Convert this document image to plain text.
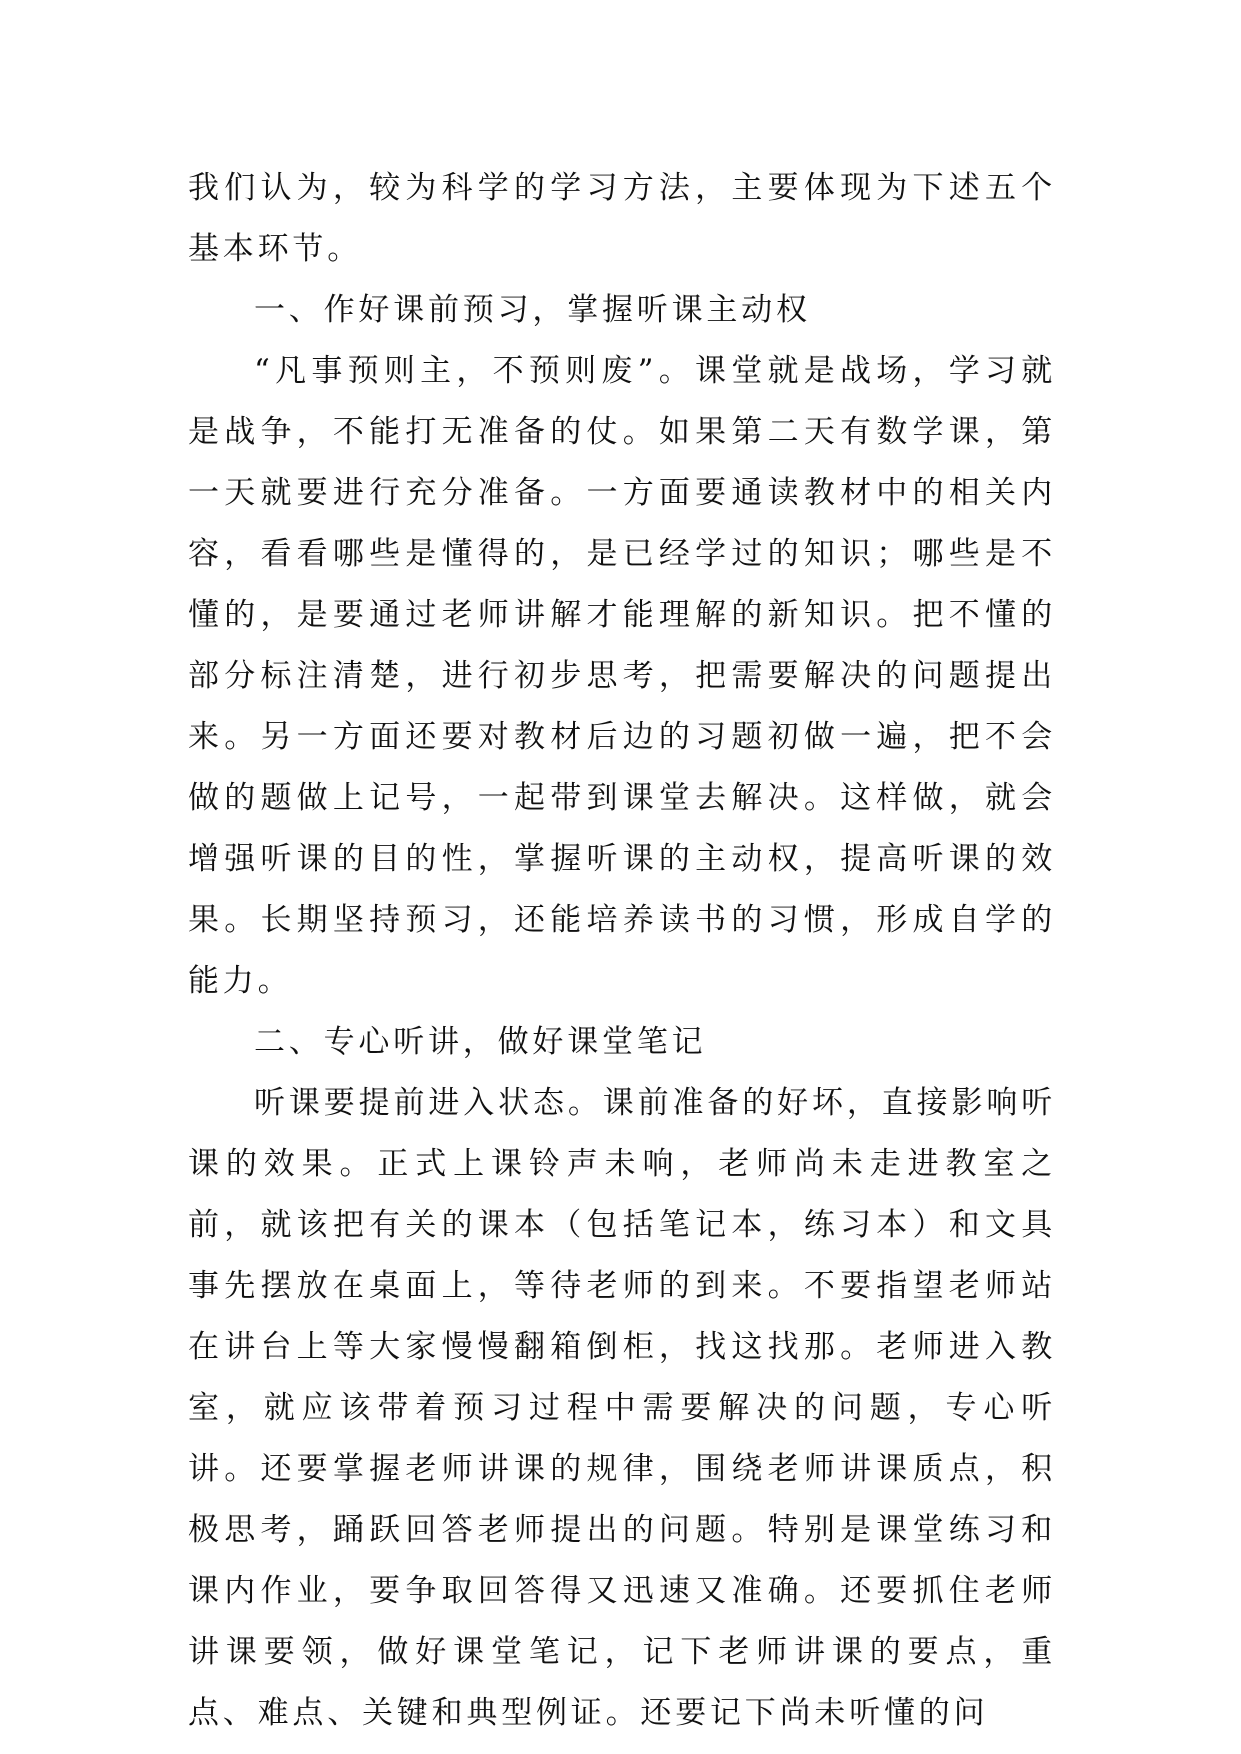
我们认为，较为科学的学习方法，主要体现为下述五个基本环节。

一、作好课前预习，掌握听课主动权

“凡事预则主，不预则废”。课堂就是战场，学习就是战争，不能打无准备的仗。如果第二天有数学课，第一天就要进行充分准备。一方面要通读教材中的相关内容，看看哪些是懂得的，是已经学过的知识；哪些是不懂的，是要通过老师讲解才能理解的新知识。把不懂的部分标注清楚，进行初步思考，把需要解决的问题提出来。另一方面还要对教材后边的习题初做一遍，把不会做的题做上记号，一起带到课堂去解决。这样做，就会增强听课的目的性，掌握听课的主动权，提高听课的效果。长期坚持预习，还能培养读书的习惯，形成自学的能力。

二、专心听讲，做好课堂笔记

听课要提前进入状态。课前准备的好坏，直接影响听课的效果。正式上课铃声未响，老师尚未走进教室之前，就该把有关的课本（包括笔记本，练习本）和文具事先摆放在桌面上，等待老师的到来。不要指望老师站在讲台上等大家慢慢翻箱倒柜，找这找那。老师进入教室，就应该带着预习过程中需要解决的问题，专心听讲。还要掌握老师讲课的规律，围绕老师讲课质点，积极思考，踊跃回答老师提出的问题。特别是课堂练习和课内作业，要争取回答得又迅速又准确。还要抓住老师讲课要领，做好课堂笔记，记下老师讲课的要点，重点、难点、关键和典型例证。还要记下尚未听懂的问
